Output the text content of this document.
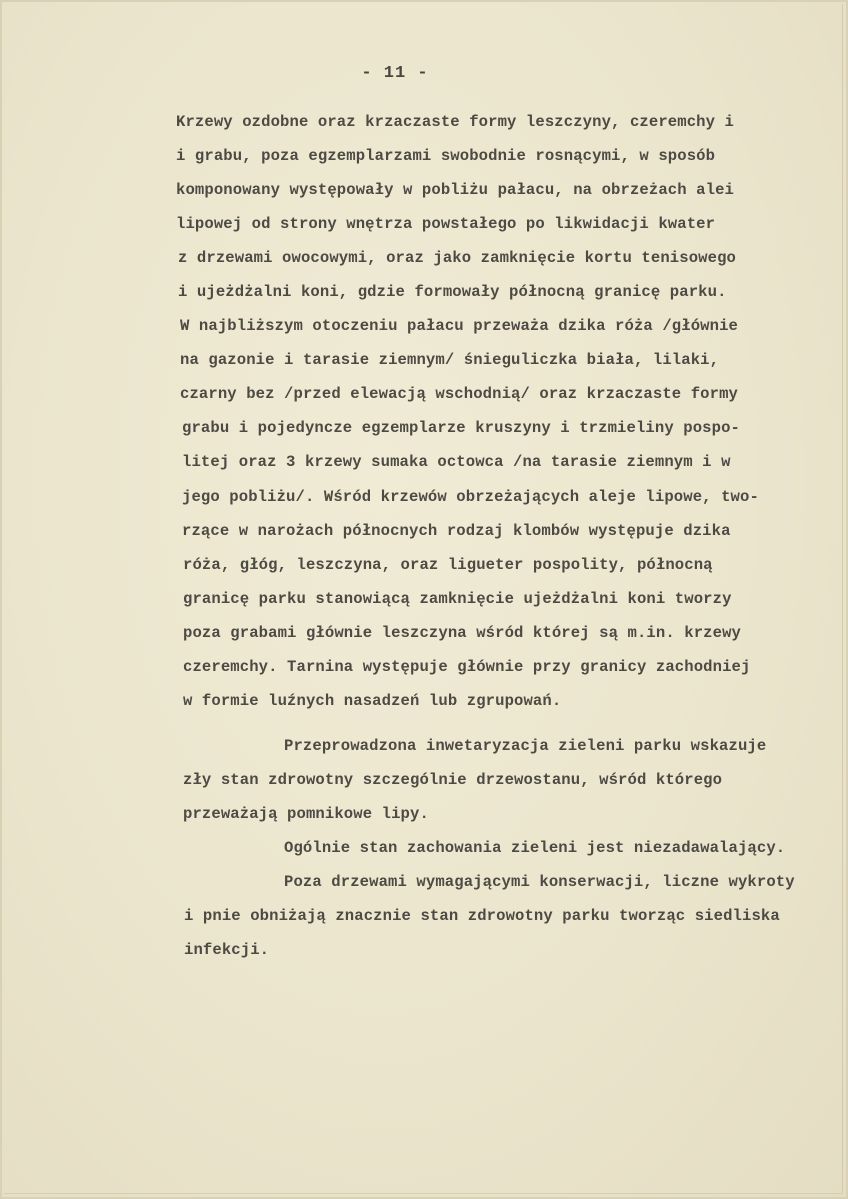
- 11 -
Krzewy ozdobne oraz krzaczaste formy leszczyny, czeremchy i
i grabu, poza egzemplarzami swobodnie rosnącymi, w sposób
komponowany występowały w pobliżu pałacu, na obrzeżach alei
lipowej od strony wnętrza powstałego po likwidacji kwater
z drzewami owocowymi, oraz jako zamknięcie kortu tenisowego
i ujeżdżalni koni, gdzie formowały północną granicę parku.
W najbliższym otoczeniu pałacu przeważa dzika róża /głównie
na gazonie i tarasie ziemnym/ śnieguliczka biała, lilaki,
czarny bez /przed elewacją wschodnią/ oraz krzaczaste formy
grabu i pojedyncze egzemplarze kruszyny i trzmieliny pospo-
litej oraz 3 krzewy sumaka octowca /na tarasie ziemnym i w
jego pobliżu/. Wśród krzewów obrzeżających aleje lipowe, two-
rzące w narożach północnych rodzaj klombów występuje dzika
róża, głóg, leszczyna, oraz ligueter pospolity, północną
granicę parku stanowiącą zamknięcie ujeżdżalni koni tworzy
poza grabami głównie leszczyna wśród której są m.in. krzewy
czeremchy. Tarnina występuje głównie przy granicy zachodniej
w formie luźnych nasadzeń lub zgrupowań.
Przeprowadzona inwetaryzacja zieleni parku wskazuje
zły stan zdrowotny szczególnie drzewostanu, wśród którego
przeważają pomnikowe lipy.
Ogólnie stan zachowania zieleni jest niezadawalający.
Poza drzewami wymagającymi konserwacji, liczne wykroty
i pnie obniżają znacznie stan zdrowotny parku tworząc siedliska
infekcji.
